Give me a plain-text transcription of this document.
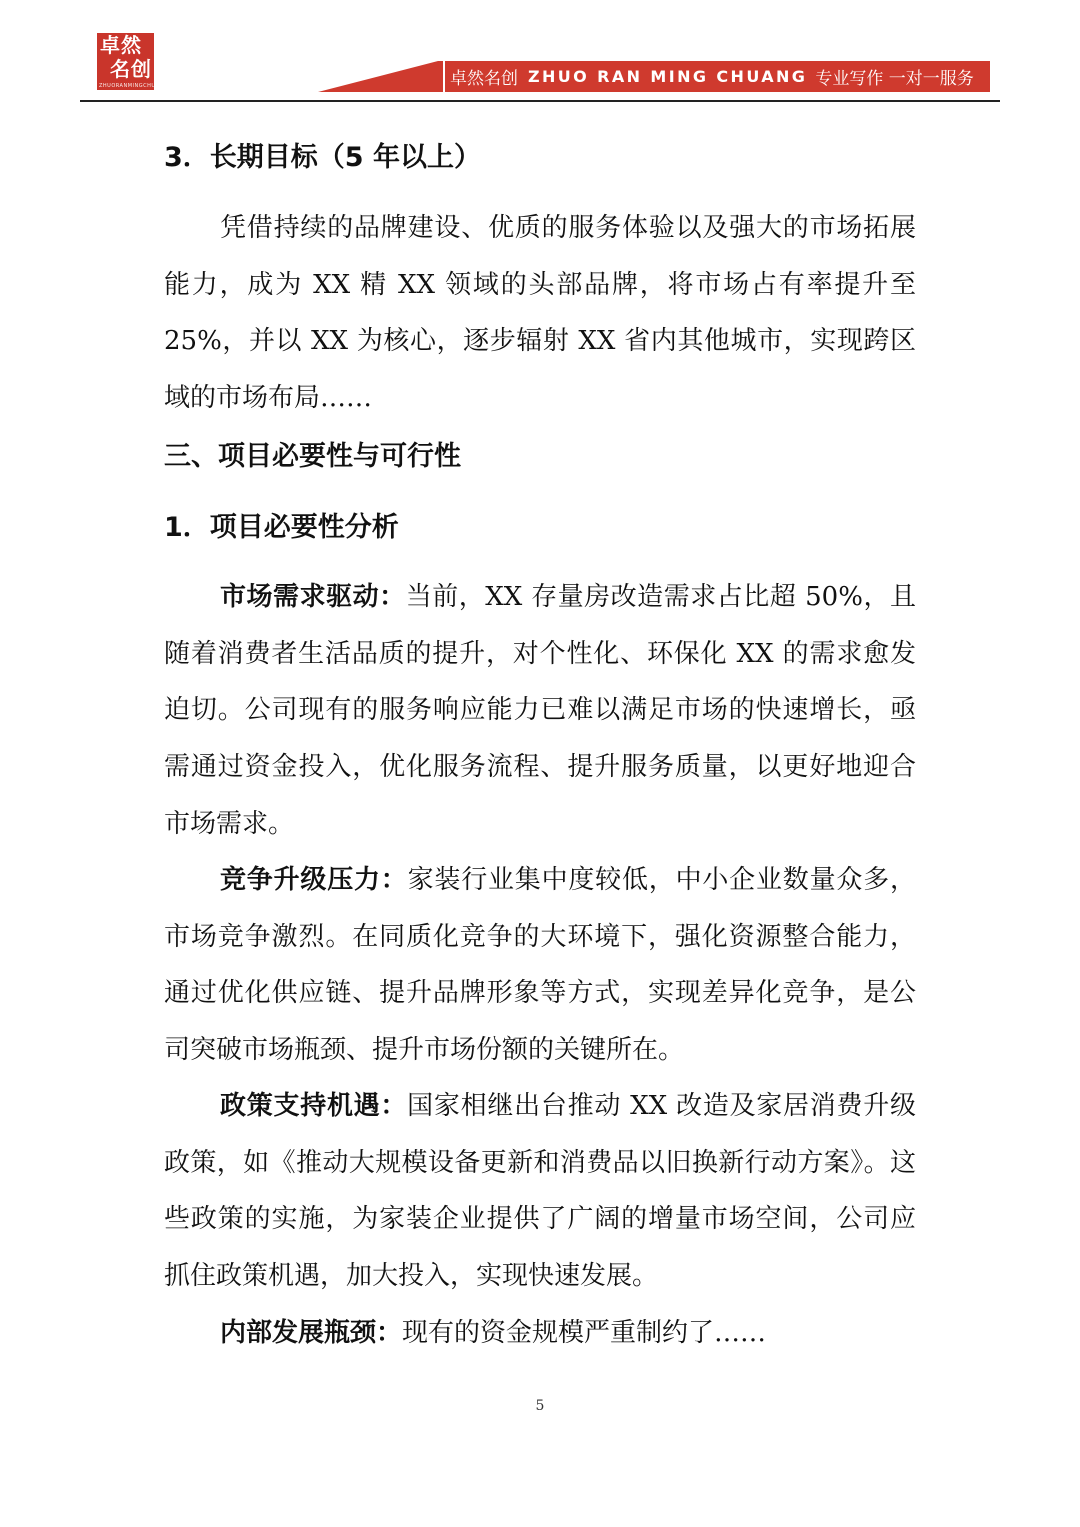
卓然
名创
ZHUORANMINGCHUANG	卓然名创 ZHUO RAN MING CHUANG 专业写作 一对一服务
3．长期目标（5 年以上）

凭借持续的品牌建设、优质的服务体验以及强大的市场拓展能力，成为 XX 精 XX 领域的头部品牌，将市场占有率提升至 25%，并以 XX 为核心，逐步辐射 XX 省内其他城市，实现跨区域的市场布局……

三、项目必要性与可行性
1．项目必要性分析

市场需求驱动：当前，XX 存量房改造需求占比超 50%，且随着消费者生活品质的提升，对个性化、环保化 XX 的需求愈发迫切。公司现有的服务响应能力已难以满足市场的快速增长，亟需通过资金投入，优化服务流程、提升服务质量，以更好地迎合市场需求。

竞争升级压力：家装行业集中度较低，中小企业数量众多，市场竞争激烈。在同质化竞争的大环境下，强化资源整合能力，通过优化供应链、提升品牌形象等方式，实现差异化竞争，是公司突破市场瓶颈、提升市场份额的关键所在。

政策支持机遇：国家相继出台推动 XX 改造及家居消费升级政策，如《推动大规模设备更新和消费品以旧换新行动方案》。这些政策的实施，为家装企业提供了广阔的增量市场空间，公司应抓住政策机遇，加大投入，实现快速发展。

内部发展瓶颈：现有的资金规模严重制约了……

5
